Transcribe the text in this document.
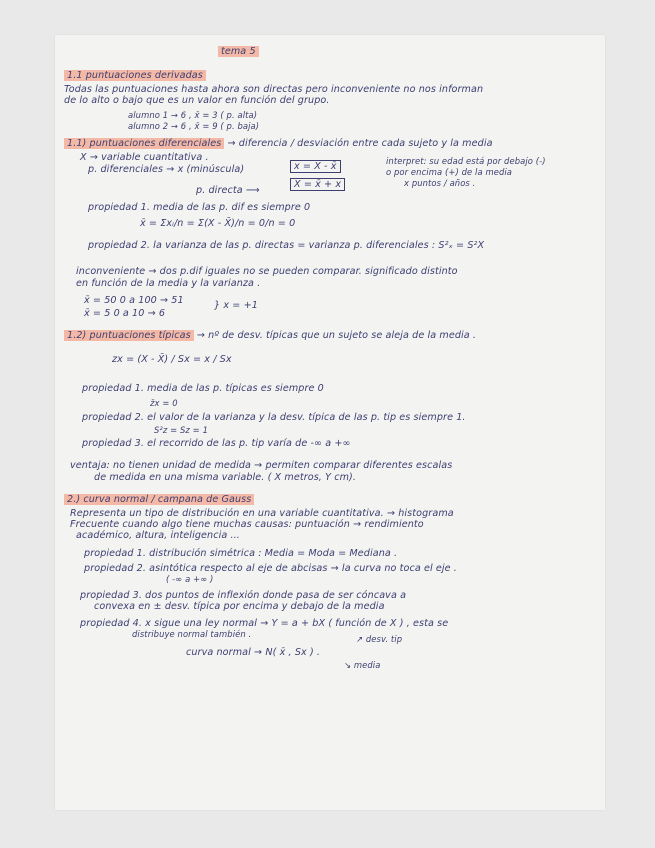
tema 5
1.1 puntuaciones derivadas
Todas las puntuaciones hasta ahora son directas pero inconveniente no nos informan
de lo alto o bajo que es un valor en función del grupo.
alumno 1 → 6 , x̄ = 3 ( p. alta)
alumno 2 → 6 , x̄ = 9 ( p. baja)
1.1) puntuaciones diferenciales → diferencia / desviación entre cada sujeto y la media
X → variable cuantitativa .
p. diferenciales → x (minúscula)	x = X - x̄
X = x̄ + x
interpret: su edad está por debajo (-)
o por encima (+) de la media
x puntos / años .
p. directa ⟶
propiedad 1. media de las p. dif es siempre 0
x̄ = Σxᵢ/n = Σ(X - X̄)/n = 0/n = 0
propiedad 2. la varianza de las p. directas = varianza p. diferenciales : S²ₓ = S²X
inconveniente → dos p.dif iguales no se pueden comparar. significado distinto
en función de la media y la varianza .
x̄ = 50 0 a 100 → 51
x̄ = 5 0 a 10 → 6
} x = +1
1.2) puntuaciones típicas → nº de desv. típicas que un sujeto se aleja de la media .
zx = (X - X̄) / Sx = x / Sx
propiedad 1. media de las p. típicas es siempre 0
z̄x = 0
propiedad 2. el valor de la varianza y la desv. típica de las p. tip es siempre 1.
S²z = Sz = 1
propiedad 3. el recorrido de las p. tip varía de -∞ a +∞
ventaja: no tienen unidad de medida → permiten comparar diferentes escalas
de medida en una misma variable. ( X metros, Y cm).
2.) curva normal / campana de Gauss
Representa un tipo de distribución en una variable cuantitativa. → histograma
Frecuente cuando algo tiene muchas causas: puntuación → rendimiento
académico, altura, inteligencia ...
propiedad 1. distribución simétrica : Media = Moda = Mediana .
propiedad 2. asintótica respecto al eje de abcisas → la curva no toca el eje .
( -∞ a +∞ )
propiedad 3. dos puntos de inflexión donde pasa de ser cóncava a
convexa en ± desv. típica por encima y debajo de la media
propiedad 4. x sigue una ley normal → Y = a + bX ( función de X ) , esta se
distribuye normal también .	↗ desv. tip
curva normal → N( x̄ , Sx ) .
↘ media
